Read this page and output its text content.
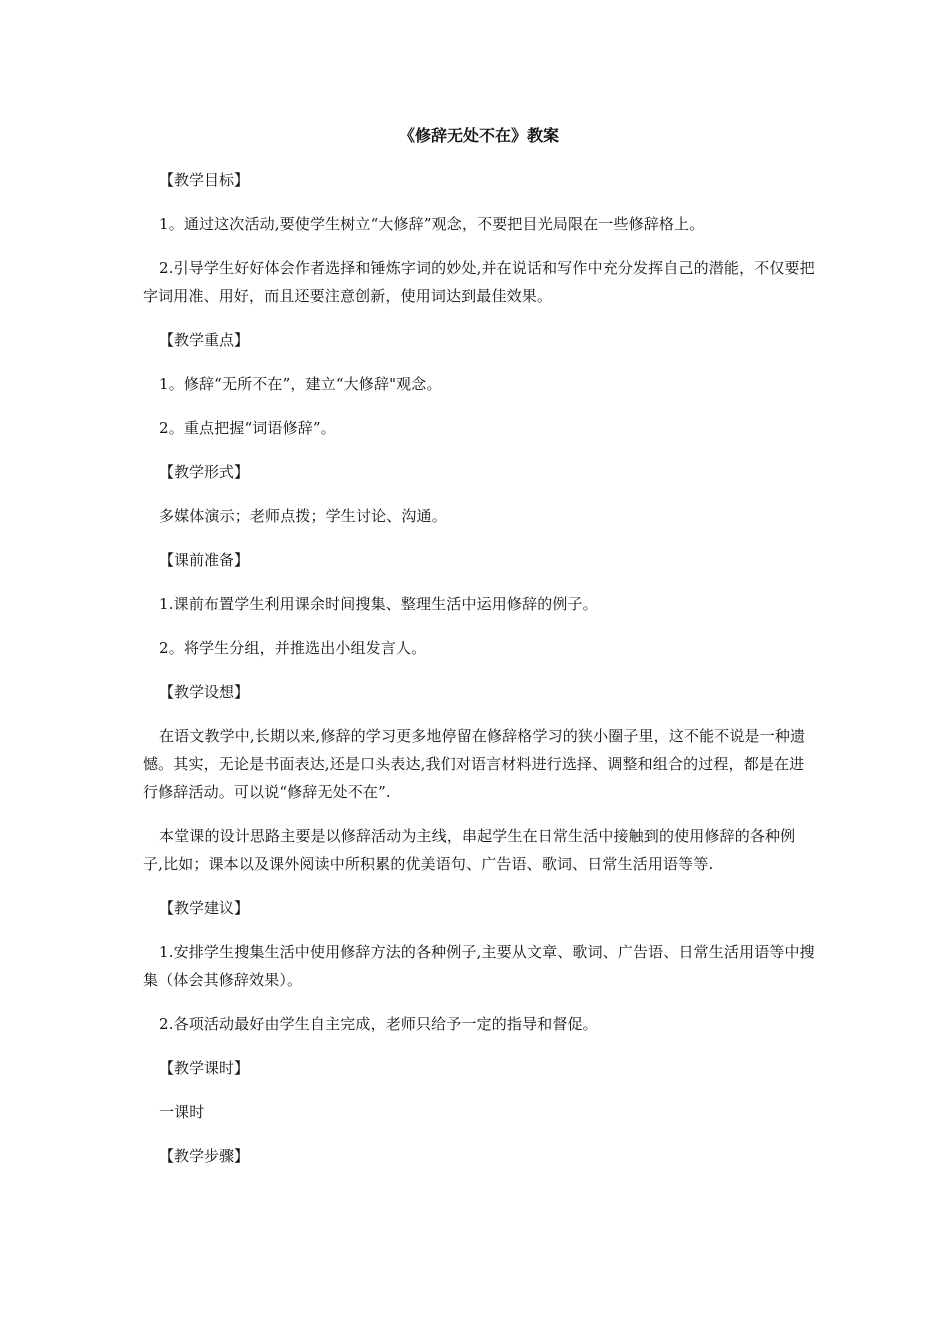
《修辞无处不在》教案
【教学目标】
1。通过这次活动,要使学生树立“大修辞”观念，不要把目光局限在一些修辞格上。
2.引导学生好好体会作者选择和锤炼字词的妙处,并在说话和写作中充分发挥自己的潜能，不仅要把字词用准、用好，而且还要注意创新，使用词达到最佳效果。
【教学重点】
1。修辞“无所不在”，建立“大修辞"观念。
2。重点把握“词语修辞”。
【教学形式】
多媒体演示；老师点拨；学生讨论、沟通。
【课前准备】
1.课前布置学生利用课余时间搜集、整理生活中运用修辞的例子。
2。将学生分组，并推选出小组发言人。
【教学设想】
在语文教学中,长期以来,修辞的学习更多地停留在修辞格学习的狭小圈子里，这不能不说是一种遗憾。其实，无论是书面表达,还是口头表达,我们对语言材料进行选择、调整和组合的过程，都是在进行修辞活动。可以说“修辞无处不在”.
本堂课的设计思路主要是以修辞活动为主线，串起学生在日常生活中接触到的使用修辞的各种例子,比如；课本以及课外阅读中所积累的优美语句、广告语、歌词、日常生活用语等等.
【教学建议】
1.安排学生搜集生活中使用修辞方法的各种例子,主要从文章、歌词、广告语、日常生活用语等中搜集（体会其修辞效果）。
2.各项活动最好由学生自主完成，老师只给予一定的指导和督促。
【教学课时】
一课时
【教学步骤】
